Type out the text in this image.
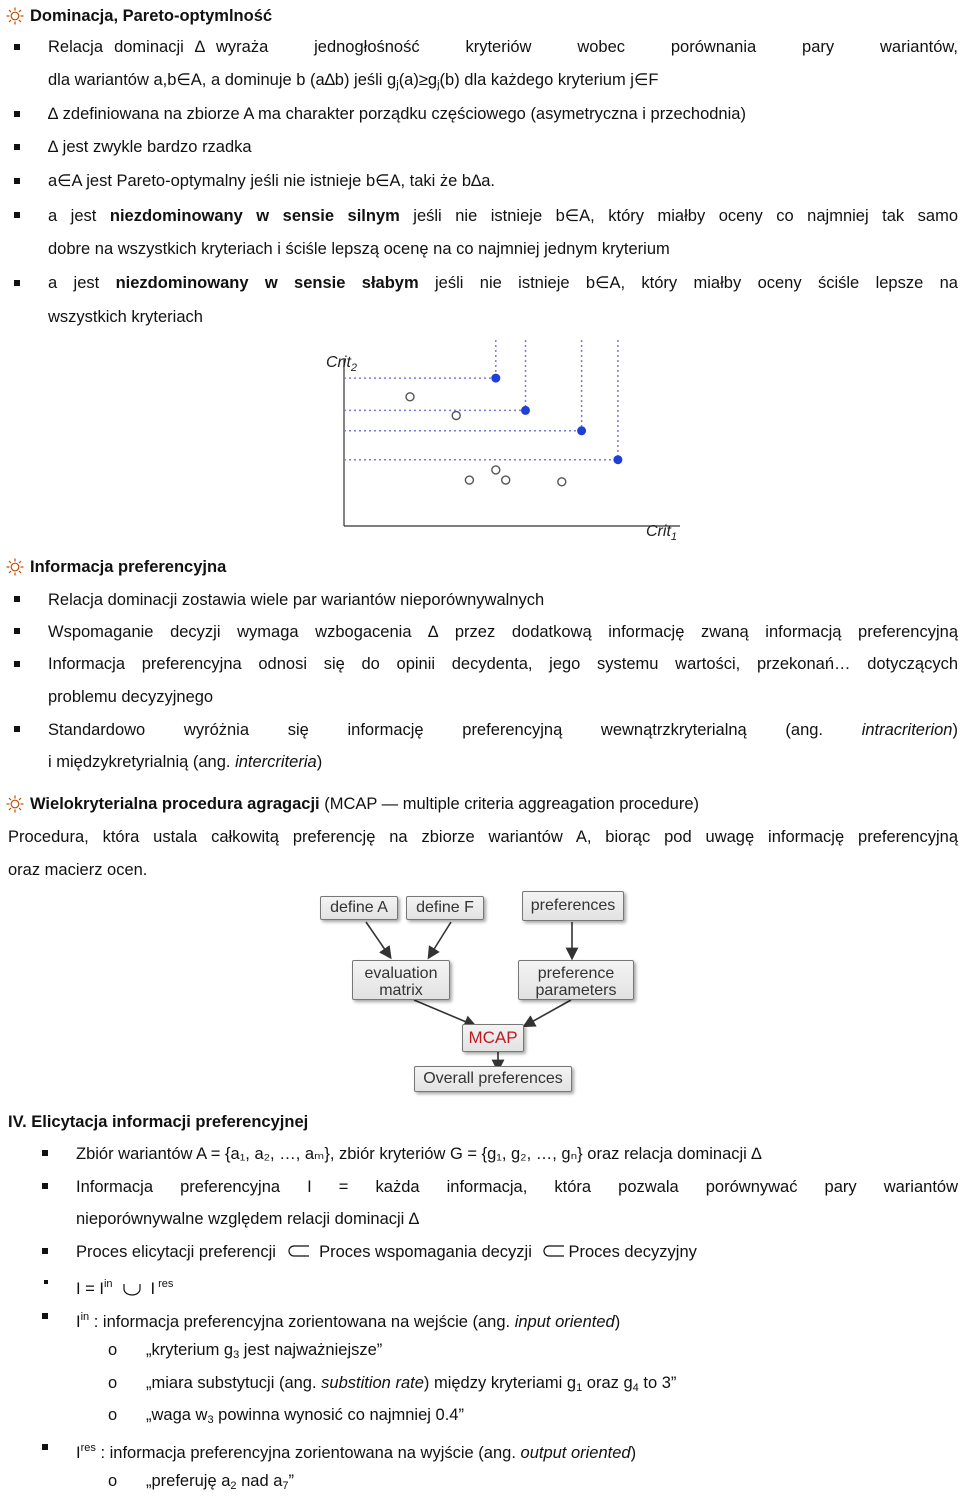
Dominacja, Pareto-optymlność
Relacja dominacji ∆ wyraża jednogłośność kryteriów wobec porównania pary wariantów,
dla wariantów a,b∈A, a dominuje b (a∆b) jeśli $g_j(a)\ge g_j(b)$ dla każdego kryterium j∈F
∆ zdefiniowana na zbiorze A ma charakter porządku częściowego (asymetryczna i przechodnia)
∆ jest zwykle bardzo rzadka
a∈A jest Pareto-optymalny jeśli nie istnieje b∈A, taki że b∆a.
a jest niezdominowany w sensie silnym jeśli nie istnieje b∈A, który miałby oceny co najmniej tak samo
dobre na wszystkich kryteriach i ściśle lepszą ocenę na co najmniej jednym kryterium
a jest niezdominowany w sensie słabym jeśli nie istnieje b∈A, który miałby oceny ściśle lepsze na
wszystkich kryteriach
Crit$_2$
Crit$_1$
Informacja preferencyjna
Relacja dominacji zostawia wiele par wariantów nieporównywalnych
Wspomaganie decyzji wymaga wzbogacenia ∆ przez dodatkową informację zwaną informacją preferencyjną
Informacja preferencyjna odnosi się do opinii decydenta, jego systemu wartości, przekonań… dotyczących
problemu decyzyjnego
Standardowo wyróżnia się informację preferencyjną wewnątrzkryterialną (ang. intracriterion)
i międzykretyrialnią (ang. intercriteria)
Wielokryterialna procedura agragacji (MCAP — multiple criteria aggreagation procedure)
Procedura, która ustala całkowitą preferencję na zbiorze wariantów A, biorąc pod uwagę informację preferencyjną
oraz macierz ocen.
define A	define F	preferences
evaluation
matrix
preference
parameters
MCAP
Overall preferences
IV. Elicytacja informacji preferencyjnej
Zbiór wariantów A = {a₁, a₂, …, aₘ}, zbiór kryteriów G = {g₁, g₂, …, gₙ} oraz relacja dominacji ∆
Informacja preferencyjna I = każda informacja, która pozwala porównywać pary wariantów
nieporównywalne względem relacji dominacji ∆
Proces elicytacji preferencji	Proces wspomagania decyzji Proces decyzyjny
$I = I^{in}$ I $^{res}$
$I^{in}$ : informacja preferencyjna zorientowana na wejście (ang. input oriented)
o „kryterium $g_3$ jest najważniejsze”
o „miara substytucji (ang. substition rate) między kryteriami $g_1$ oraz $g_4$ to 3”
o „waga $w_3$ powinna wynosić co najmniej 0.4”
Ires : informacja preferencyjna zorientowana na wyjście (ang. output oriented)
o „preferuję $a_2$ nad $a_7$”
